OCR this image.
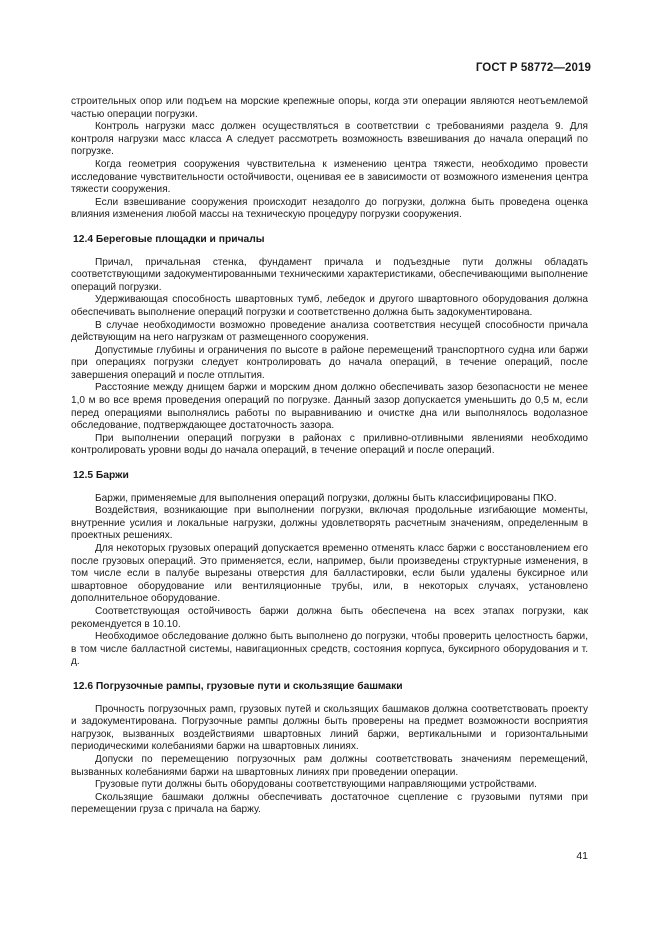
ГОСТ Р 58772—2019

строительных опор или подъем на морские крепежные опоры, когда эти операции являются неотъемлемой частью операции погрузки.

Контроль нагрузки масс должен осуществляться в соответствии с требованиями раздела 9. Для контроля нагрузки масс класса А следует рассмотреть возможность взвешивания до начала операций по погрузке.

Когда геометрия сооружения чувствительна к изменению центра тяжести, необходимо провести исследование чувствительности остойчивости, оценивая ее в зависимости от возможного изменения центра тяжести сооружения.

Если взвешивание сооружения происходит незадолго до погрузки, должна быть проведена оценка влияния изменения любой массы на техническую процедуру погрузки сооружения.

12.4 Береговые площадки и причалы

Причал, причальная стенка, фундамент причала и подъездные пути должны обладать соответствующими задокументированными техническими характеристиками, обеспечивающими выполнение операций погрузки.

Удерживающая способность швартовных тумб, лебедок и другого швартовного оборудования должна обеспечивать выполнение операций погрузки и соответственно должна быть задокументирована.

В случае необходимости возможно проведение анализа соответствия несущей способности причала действующим на него нагрузкам от размещенного сооружения.

Допустимые глубины и ограничения по высоте в районе перемещений транспортного судна или баржи при операциях погрузки следует контролировать до начала операций, в течение операций, после завершения операций и после отплытия.

Расстояние между днищем баржи и морским дном должно обеспечивать зазор безопасности не менее 1,0 м во все время проведения операций по погрузке. Данный зазор допускается уменьшить до 0,5 м, если перед операциями выполнялись работы по выравниванию и очистке дна или выполнялось водолазное обследование, подтверждающее достаточность зазора.

При выполнении операций погрузки в районах с приливно-отливными явлениями необходимо контролировать уровни воды до начала операций, в течение операций и после операций.

12.5 Баржи

Баржи, применяемые для выполнения операций погрузки, должны быть классифицированы ПКО.

Воздействия, возникающие при выполнении погрузки, включая продольные изгибающие моменты, внутренние усилия и локальные нагрузки, должны удовлетворять расчетным значениям, определенным в проектных решениях.

Для некоторых грузовых операций допускается временно отменять класс баржи с восстановлением его после грузовых операций. Это применяется, если, например, были произведены структурные изменения, в том числе если в палубе вырезаны отверстия для балластировки, если были удалены буксирное или швартовное оборудование или вентиляционные трубы, или, в некоторых случаях, установлено дополнительное оборудование.

Соответствующая остойчивость баржи должна быть обеспечена на всех этапах погрузки, как рекомендуется в 10.10.

Необходимое обследование должно быть выполнено до погрузки, чтобы проверить целостность баржи, в том числе балластной системы, навигационных средств, состояния корпуса, буксирного оборудования и т. д.

12.6 Погрузочные рампы, грузовые пути и скользящие башмаки

Прочность погрузочных рамп, грузовых путей и скользящих башмаков должна соответствовать проекту и задокументирована. Погрузочные рампы должны быть проверены на предмет возможности восприятия нагрузок, вызванных воздействиями швартовных линий баржи, вертикальными и горизонтальными периодическими колебаниями баржи на швартовных линиях.

Допуски по перемещению погрузочных рам должны соответствовать значениям перемещений, вызванных колебаниями баржи на швартовных линиях при проведении операции.

Грузовые пути должны быть оборудованы соответствующими направляющими устройствами.

Скользящие башмаки должны обеспечивать достаточное сцепление с грузовыми путями при перемещении груза с причала на баржу.

41
